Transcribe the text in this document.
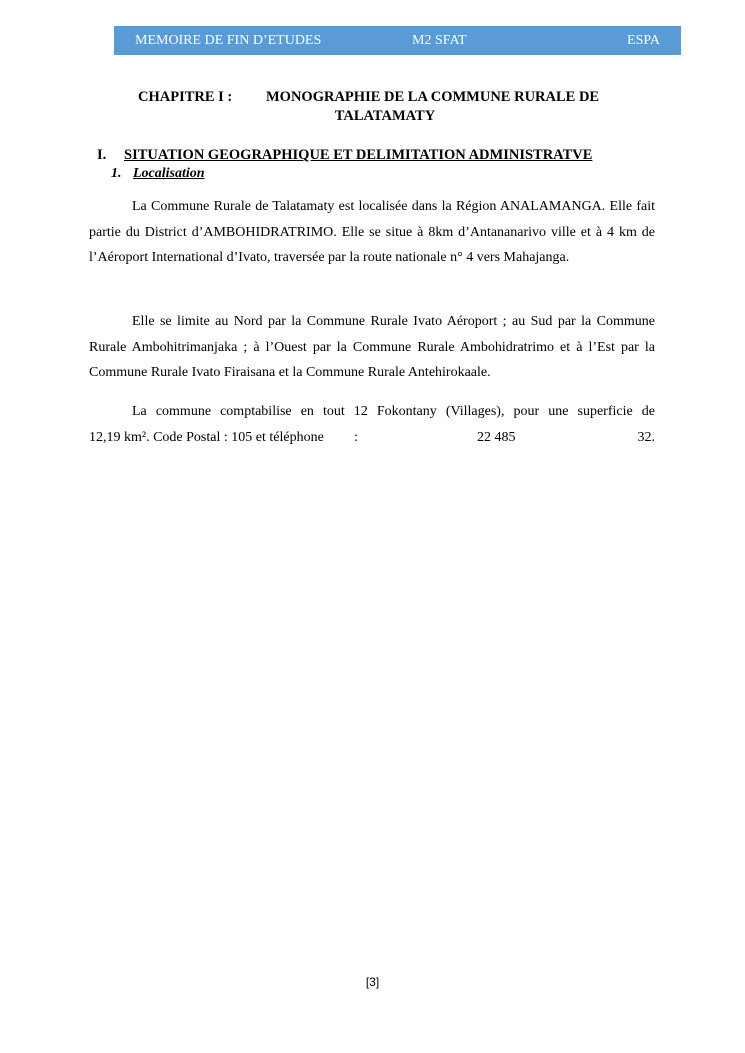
MEMOIRE DE FIN D’ETUDES	M2 SFAT	ESPA
CHAPITRE I : MONOGRAPHIE DE LA COMMUNE RURALE DE
TALATAMATY
I. SITUATION GEOGRAPHIQUE ET DELIMITATION ADMINISTRATVE
1. Localisation

La Commune Rurale de Talatamaty est localisée dans la Région ANALAMANGA. Elle fait partie du District d’AMBOHIDRATRIMO. Elle se situe à 8km d’Antananarivo ville et à 4 km de l’Aéroport International d’Ivato, traversée par la route nationale n° 4 vers Mahajanga.

Elle se limite au Nord par la Commune Rurale Ivato Aéroport ; au Sud par la Commune Rurale Ambohitrimanjaka ; à l’Ouest par la Commune Rurale Ambohidratrimo et à l’Est par la Commune Rurale Ivato Firaisana et la Commune Rurale Antehirokaale.

La commune comptabilise en tout 12 Fokontany (Villages), pour une superficie de
12,19 km². Code Postal : 105 et téléphone :	22 485	32.
[3]
